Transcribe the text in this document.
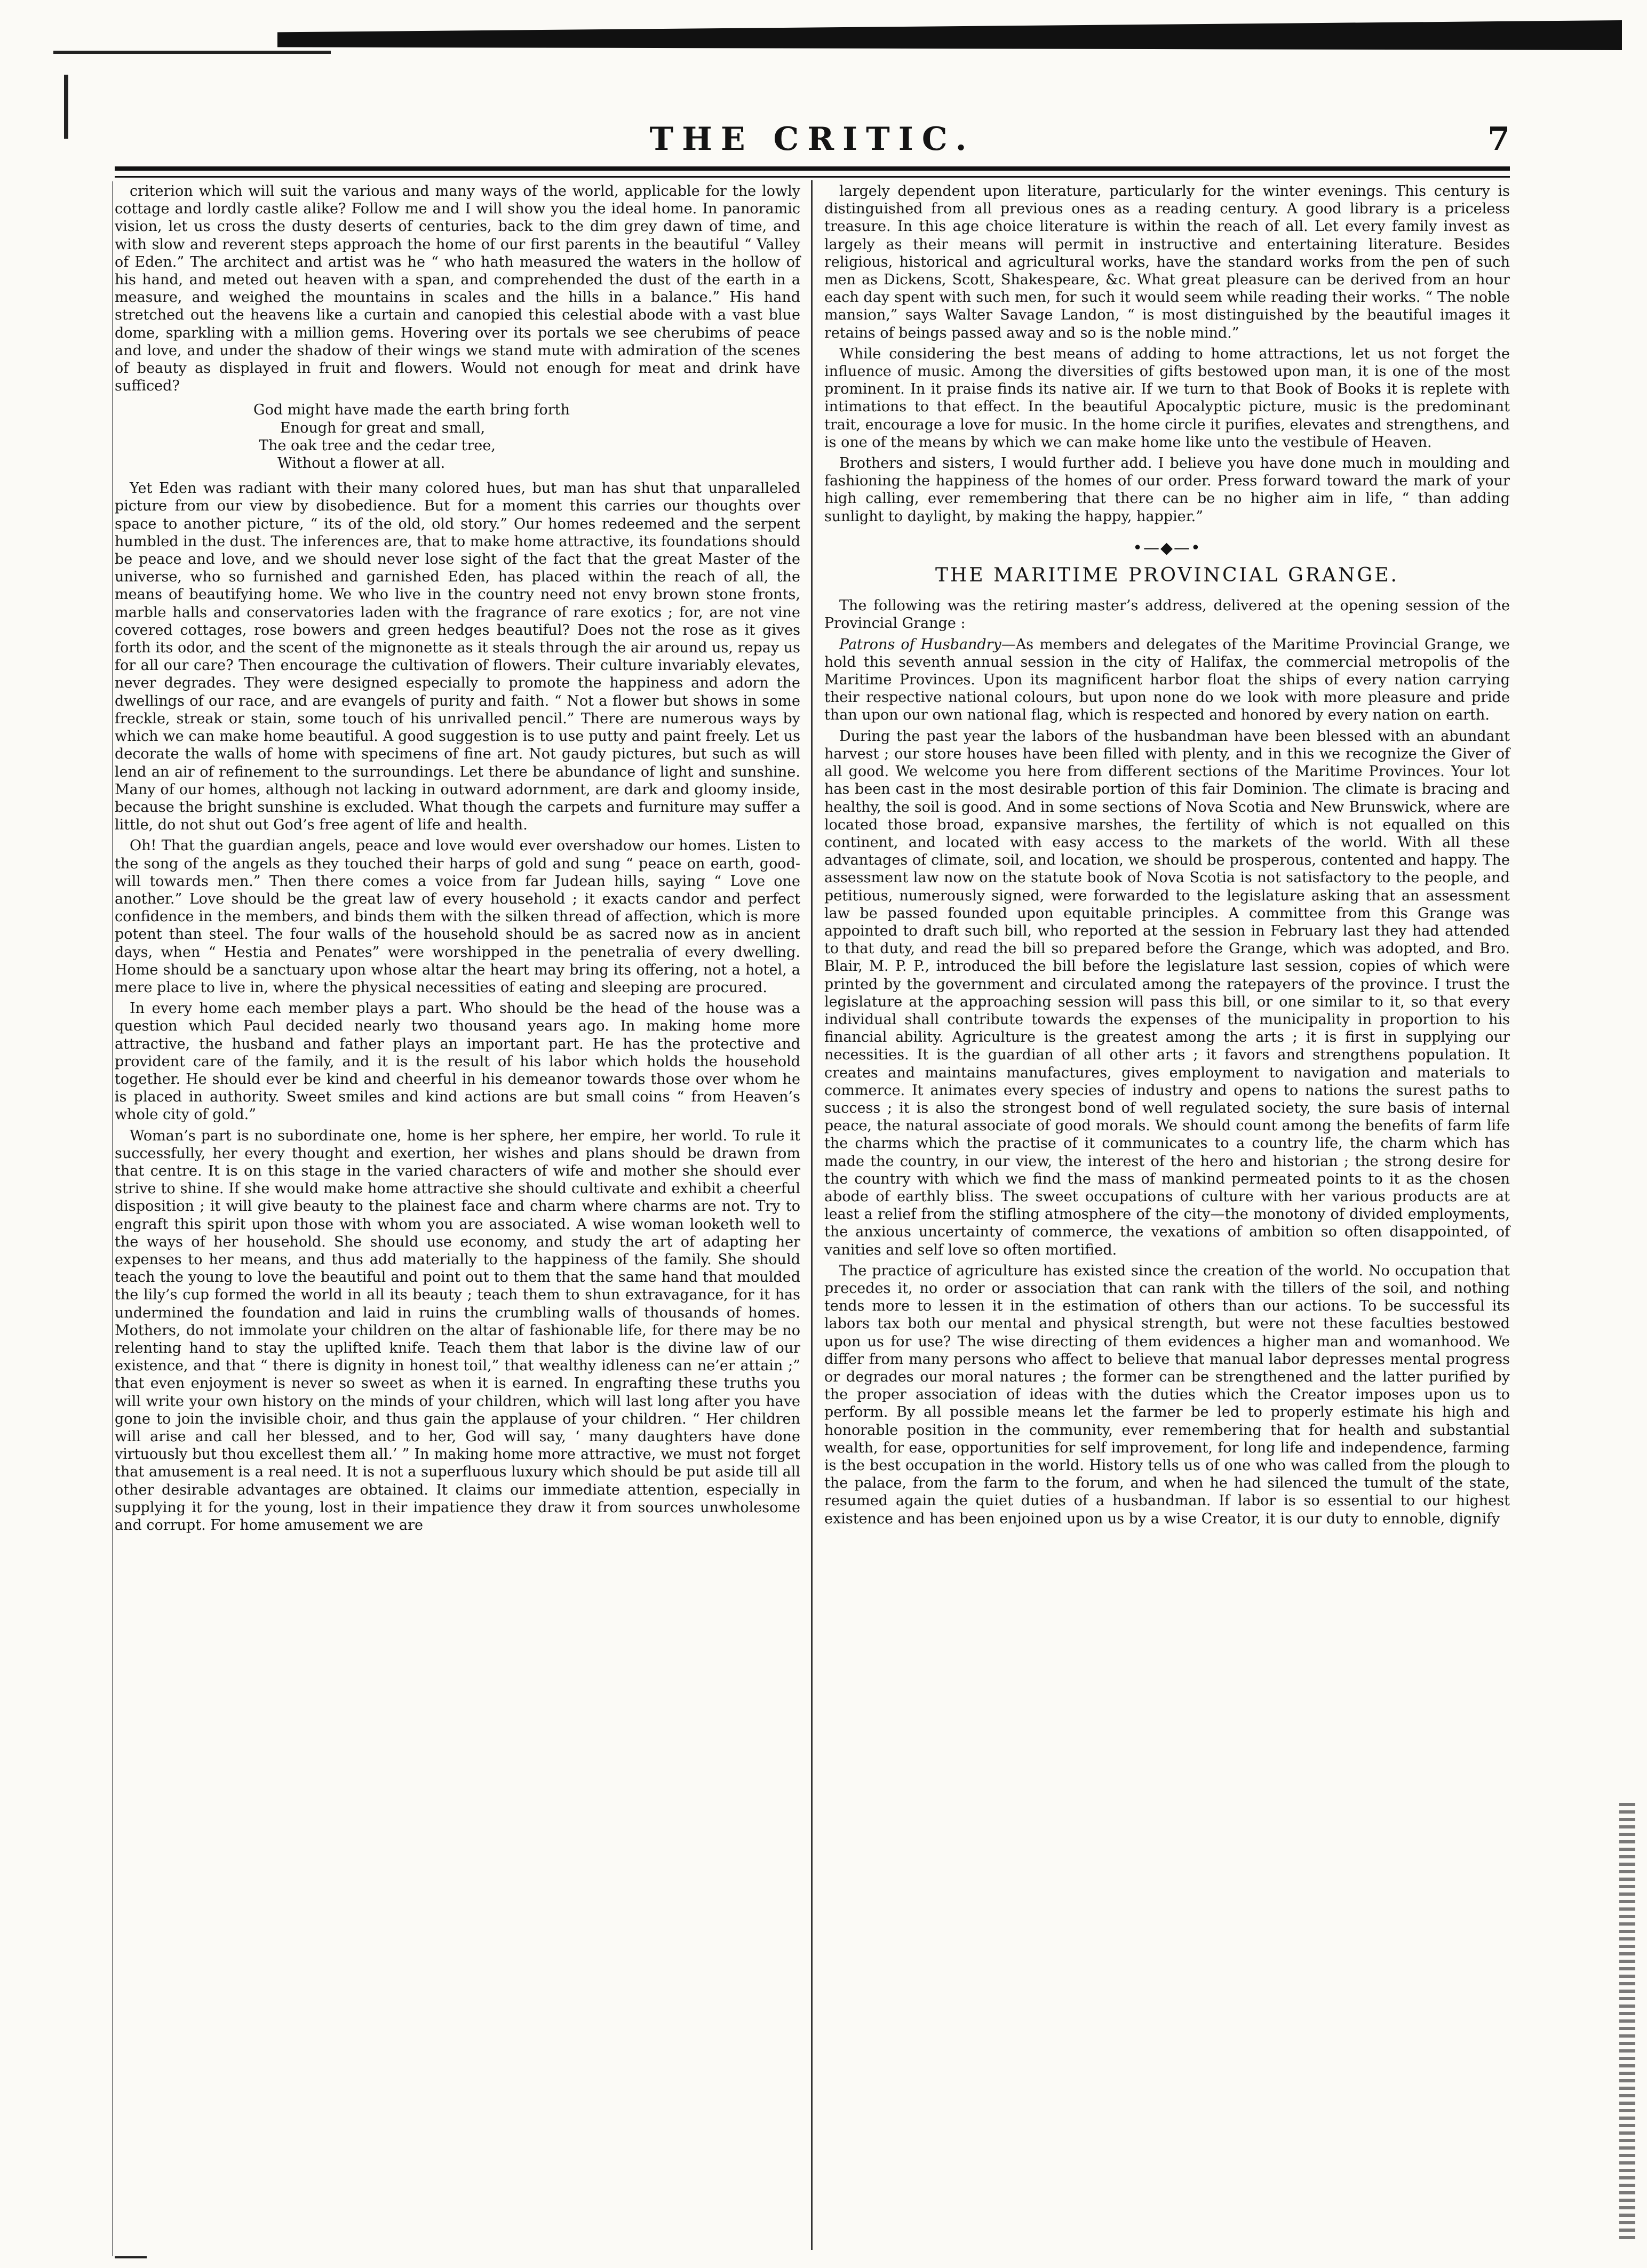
THE CRITIC.	7

criterion which will suit the various and many ways of the world, applicable for the lowly cottage and lordly castle alike? Follow me and I will show you the ideal home. In panoramic vision, let us cross the dusty deserts of centuries, back to the dim grey dawn of time, and with slow and reverent steps approach the home of our first parents in the beautiful “ Valley of Eden.” The architect and artist was he “ who hath measured the waters in the hollow of his hand, and meted out heaven with a span, and comprehended the dust of the earth in a measure, and weighed the mountains in scales and the hills in a balance.” His hand stretched out the heavens like a curtain and canopied this celestial abode with a vast blue dome, sparkling with a million gems. Hovering over its portals we see cherubims of peace and love, and under the shadow of their wings we stand mute with admiration of the scenes of beauty as displayed in fruit and flowers. Would not enough for meat and drink have sufficed?

God might have made the earth bring forth
Enough for great and small,
The oak tree and the cedar tree,
Without a flower at all.

Yet Eden was radiant with their many colored hues, but man has shut that unparalleled picture from our view by disobedience. But for a moment this carries our thoughts over space to another picture, “ its of the old, old story.” Our homes redeemed and the serpent humbled in the dust. The inferences are, that to make home attractive, its foundations should be peace and love, and we should never lose sight of the fact that the great Master of the universe, who so furnished and garnished Eden, has placed within the reach of all, the means of beautifying home. We who live in the country need not envy brown stone fronts, marble halls and conservatories laden with the fragrance of rare exotics ; for, are not vine covered cottages, rose bowers and green hedges beautiful? Does not the rose as it gives forth its odor, and the scent of the mignonette as it steals through the air around us, repay us for all our care? Then encourage the cultivation of flowers. Their culture invariably elevates, never degrades. They were designed especially to promote the happiness and adorn the dwellings of our race, and are evangels of purity and faith. “ Not a flower but shows in some freckle, streak or stain, some touch of his unrivalled pencil.” There are numerous ways by which we can make home beautiful. A good suggestion is to use putty and paint freely. Let us decorate the walls of home with specimens of fine art. Not gaudy pictures, but such as will lend an air of refinement to the surroundings. Let there be abundance of light and sunshine. Many of our homes, although not lacking in outward adornment, are dark and gloomy inside, because the bright sunshine is excluded. What though the carpets and furniture may suffer a little, do not shut out God’s free agent of life and health.

Oh! That the guardian angels, peace and love would ever overshadow our homes. Listen to the song of the angels as they touched their harps of gold and sung “ peace on earth, good-will towards men.” Then there comes a voice from far Judean hills, saying “ Love one another.” Love should be the great law of every household ; it exacts candor and perfect confidence in the members, and binds them with the silken thread of affection, which is more potent than steel. The four walls of the household should be as sacred now as in ancient days, when “ Hestia and Penates” were worshipped in the penetralia of every dwelling. Home should be a sanctuary upon whose altar the heart may bring its offering, not a hotel, a mere place to live in, where the physical necessities of eating and sleeping are procured.

In every home each member plays a part. Who should be the head of the house was a question which Paul decided nearly two thousand years ago. In making home more attractive, the husband and father plays an important part. He has the protective and provident care of the family, and it is the result of his labor which holds the household together. He should ever be kind and cheerful in his demeanor towards those over whom he is placed in authority. Sweet smiles and kind actions are but small coins “ from Heaven’s whole city of gold.”

Woman’s part is no subordinate one, home is her sphere, her empire, her world. To rule it successfully, her every thought and exertion, her wishes and plans should be drawn from that centre. It is on this stage in the varied characters of wife and mother she should ever strive to shine. If she would make home attractive she should cultivate and exhibit a cheerful disposition ; it will give beauty to the plainest face and charm where charms are not. Try to engraft this spirit upon those with whom you are associated. A wise woman looketh well to the ways of her household. She should use economy, and study the art of adapting her expenses to her means, and thus add materially to the happiness of the family. She should teach the young to love the beautiful and point out to them that the same hand that moulded the lily’s cup formed the world in all its beauty ; teach them to shun extravagance, for it has undermined the foundation and laid in ruins the crumbling walls of thousands of homes. Mothers, do not immolate your children on the altar of fashionable life, for there may be no relenting hand to stay the uplifted knife. Teach them that labor is the divine law of our existence, and that “ there is dignity in honest toil,” that wealthy idleness can ne’er attain ;” that even enjoyment is never so sweet as when it is earned. In engrafting these truths you will write your own history on the minds of your children, which will last long after you have gone to join the invisible choir, and thus gain the applause of your children. “ Her children will arise and call her blessed, and to her, God will say, ‘ many daughters have done virtuously but thou excellest them all.’ ” In making home more attractive, we must not forget that amusement is a real need. It is not a superfluous luxury which should be put aside till all other desirable advantages are obtained. It claims our immediate attention, especially in supplying it for the young, lost in their impatience they draw it from sources unwholesome and corrupt. For home amusement we are

largely dependent upon literature, particularly for the winter evenings. This century is distinguished from all previous ones as a reading century. A good library is a priceless treasure. In this age choice literature is within the reach of all. Let every family invest as largely as their means will permit in instructive and entertaining literature. Besides religious, historical and agricultural works, have the standard works from the pen of such men as Dickens, Scott, Shakespeare, &c. What great pleasure can be derived from an hour each day spent with such men, for such it would seem while reading their works. “ The noble mansion,” says Walter Savage Landon, “ is most distinguished by the beautiful images it retains of beings passed away and so is the noble mind.”

While considering the best means of adding to home attractions, let us not forget the influence of music. Among the diversities of gifts bestowed upon man, it is one of the most prominent. In it praise finds its native air. If we turn to that Book of Books it is replete with intimations to that effect. In the beautiful Apocalyptic picture, music is the predominant trait, encourage a love for music. In the home circle it purifies, elevates and strengthens, and is one of the means by which we can make home like unto the vestibule of Heaven.

Brothers and sisters, I would further add. I believe you have done much in moulding and fashioning the happiness of the homes of our order. Press forward toward the mark of your high calling, ever remembering that there can be no higher aim in life, “ than adding sunlight to daylight, by making the happy, happier.”

•—◆—•
THE MARITIME PROVINCIAL GRANGE.

The following was the retiring master’s address, delivered at the opening session of the Provincial Grange :

Patrons of Husbandry—As members and delegates of the Maritime Provincial Grange, we hold this seventh annual session in the city of Halifax, the commercial metropolis of the Maritime Provinces. Upon its magnificent harbor float the ships of every nation carrying their respective national colours, but upon none do we look with more pleasure and pride than upon our own national flag, which is respected and honored by every nation on earth.

During the past year the labors of the husbandman have been blessed with an abundant harvest ; our store houses have been filled with plenty, and in this we recognize the Giver of all good. We welcome you here from different sections of the Maritime Provinces. Your lot has been cast in the most desirable portion of this fair Dominion. The climate is bracing and healthy, the soil is good. And in some sections of Nova Scotia and New Brunswick, where are located those broad, expansive marshes, the fertility of which is not equalled on this continent, and located with easy access to the markets of the world. With all these advantages of climate, soil, and location, we should be prosperous, contented and happy. The assessment law now on the statute book of Nova Scotia is not satisfactory to the people, and petitious, numerously signed, were forwarded to the legislature asking that an assessment law be passed founded upon equitable principles. A committee from this Grange was appointed to draft such bill, who reported at the session in February last they had attended to that duty, and read the bill so prepared before the Grange, which was adopted, and Bro. Blair, M. P. P., introduced the bill before the legislature last session, copies of which were printed by the government and circulated among the ratepayers of the province. I trust the legislature at the approaching session will pass this bill, or one similar to it, so that every individual shall contribute towards the expenses of the municipality in proportion to his financial ability. Agriculture is the greatest among the arts ; it is first in supplying our necessities. It is the guardian of all other arts ; it favors and strengthens population. It creates and maintains manufactures, gives employment to navigation and materials to commerce. It animates every species of industry and opens to nations the surest paths to success ; it is also the strongest bond of well regulated society, the sure basis of internal peace, the natural associate of good morals. We should count among the benefits of farm life the charms which the practise of it communicates to a country life, the charm which has made the country, in our view, the interest of the hero and historian ; the strong desire for the country with which we find the mass of mankind permeated points to it as the chosen abode of earthly bliss. The sweet occupations of culture with her various products are at least a relief from the stifling atmosphere of the city—the monotony of divided employments, the anxious uncertainty of commerce, the vexations of ambition so often disappointed, of vanities and self love so often mortified.

The practice of agriculture has existed since the creation of the world. No occupation that precedes it, no order or association that can rank with the tillers of the soil, and nothing tends more to lessen it in the estimation of others than our actions. To be successful its labors tax both our mental and physical strength, but were not these faculties bestowed upon us for use? The wise directing of them evidences a higher man and womanhood. We differ from many persons who affect to believe that manual labor depresses mental progress or degrades our moral natures ; the former can be strengthened and the latter purified by the proper association of ideas with the duties which the Creator imposes upon us to perform. By all possible means let the farmer be led to properly estimate his high and honorable position in the community, ever remembering that for health and substantial wealth, for ease, opportunities for self improvement, for long life and independence, farming is the best occupation in the world. History tells us of one who was called from the plough to the palace, from the farm to the forum, and when he had silenced the tumult of the state, resumed again the quiet duties of a husbandman. If labor is so essential to our highest existence and has been enjoined upon us by a wise Creator, it is our duty to ennoble, dignify
